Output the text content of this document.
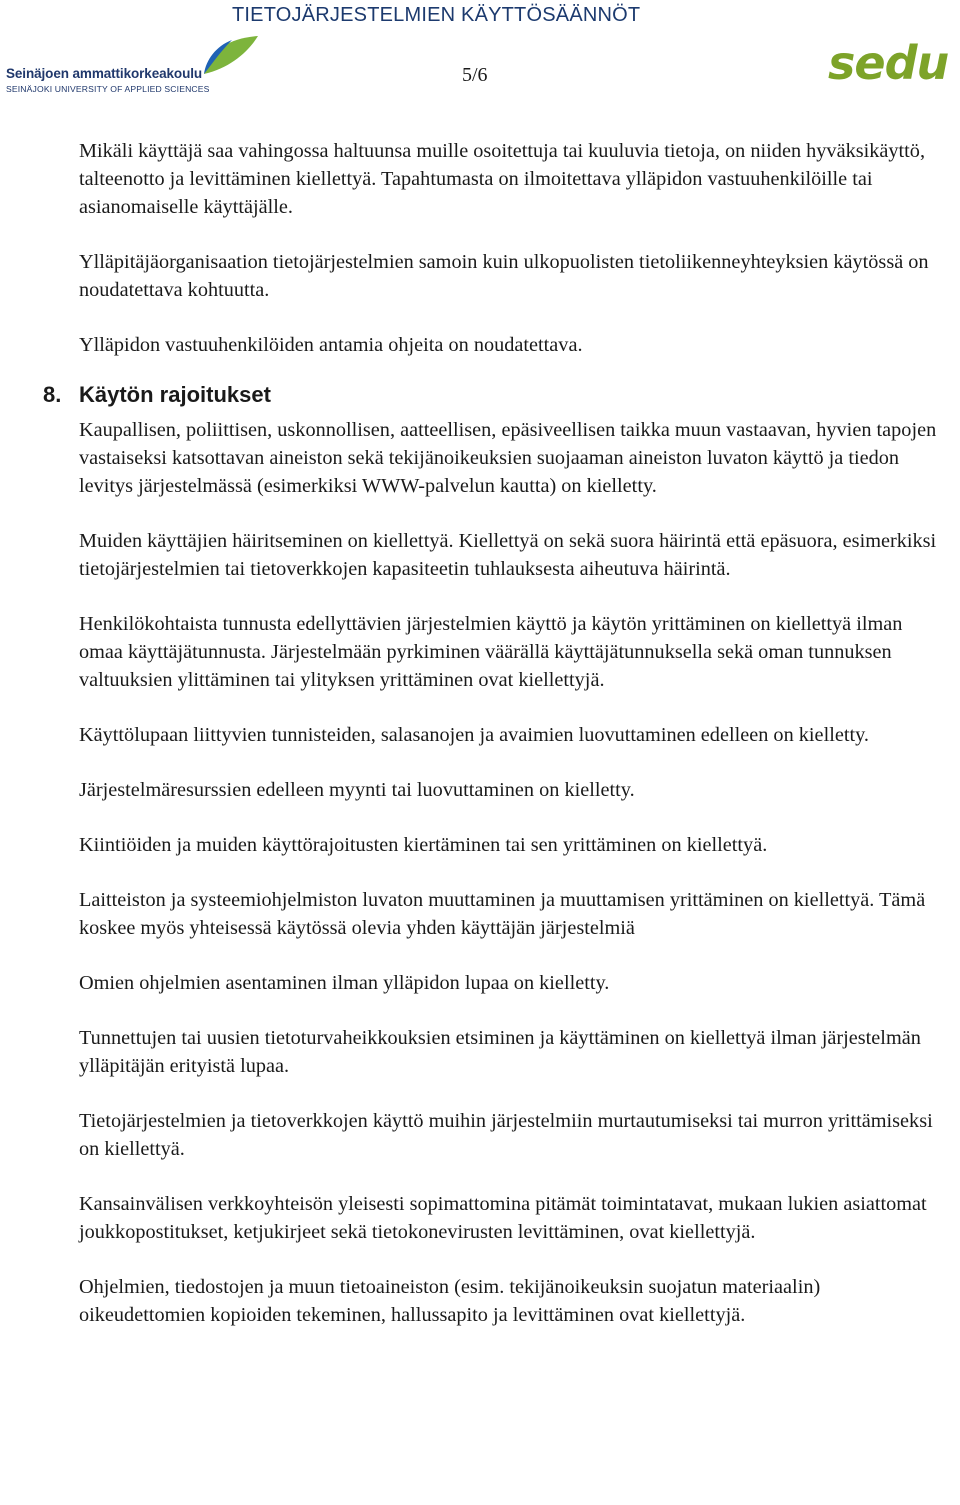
TIETOJÄRJESTELMIEN KÄYTTÖSÄÄNNÖT
Seinäjoen ammattikorkeakoulu
SEINÄJOKI UNIVERSITY OF APPLIED SCIENCES
5/6	sedu

Mikäli käyttäjä saa vahingossa haltuunsa muille osoitettuja tai kuuluvia tietoja, on niiden hyväksikäyttö, talteenotto ja levittäminen kiellettyä. Tapahtumasta on ilmoitettava ylläpidon vastuuhenkilöille tai asianomaiselle käyttäjälle.

Ylläpitäjäorganisaation tietojärjestelmien samoin kuin ulkopuolisten tietoliikenneyhteyksien käytössä on noudatettava kohtuutta.

Ylläpidon vastuuhenkilöiden antamia ohjeita on noudatettava.

8. Käytön rajoitukset

Kaupallisen, poliittisen, uskonnollisen, aatteellisen, epäsiveellisen taikka muun vastaavan, hyvien tapojen vastaiseksi katsottavan aineiston sekä tekijänoikeuksien suojaaman aineiston luvaton käyttö ja tiedon levitys järjestelmässä (esimerkiksi WWW-palvelun kautta) on kielletty.

Muiden käyttäjien häiritseminen on kiellettyä. Kiellettyä on sekä suora häirintä että epäsuora, esimerkiksi tietojärjestelmien tai tietoverkkojen kapasiteetin tuhlauksesta aiheutuva häirintä.

Henkilökohtaista tunnusta edellyttävien järjestelmien käyttö ja käytön yrittäminen on kiellettyä ilman omaa käyttäjätunnusta. Järjestelmään pyrkiminen väärällä käyttäjätunnuksella sekä oman tunnuksen valtuuksien ylittäminen tai ylityksen yrittäminen ovat kiellettyjä.

Käyttölupaan liittyvien tunnisteiden, salasanojen ja avaimien luovuttaminen edelleen on kielletty.

Järjestelmäresurssien edelleen myynti tai luovuttaminen on kielletty.

Kiintiöiden ja muiden käyttörajoitusten kiertäminen tai sen yrittäminen on kiellettyä.

Laitteiston ja systeemiohjelmiston luvaton muuttaminen ja muuttamisen yrittäminen on kiellettyä. Tämä koskee myös yhteisessä käytössä olevia yhden käyttäjän järjestelmiä

Omien ohjelmien asentaminen ilman ylläpidon lupaa on kielletty.

Tunnettujen tai uusien tietoturvaheikkouksien etsiminen ja käyttäminen on kiellettyä ilman järjestelmän ylläpitäjän erityistä lupaa.

Tietojärjestelmien ja tietoverkkojen käyttö muihin järjestelmiin murtautumiseksi tai murron yrittämiseksi on kiellettyä.

Kansainvälisen verkkoyhteisön yleisesti sopimattomina pitämät toimintatavat, mukaan lukien asiattomat joukkopostitukset, ketjukirjeet sekä tietokonevirusten levittäminen, ovat kiellettyjä.

Ohjelmien, tiedostojen ja muun tietoaineiston (esim. tekijänoikeuksin suojatun materiaalin) oikeudettomien kopioiden tekeminen, hallussapito ja levittäminen ovat kiellettyjä.
